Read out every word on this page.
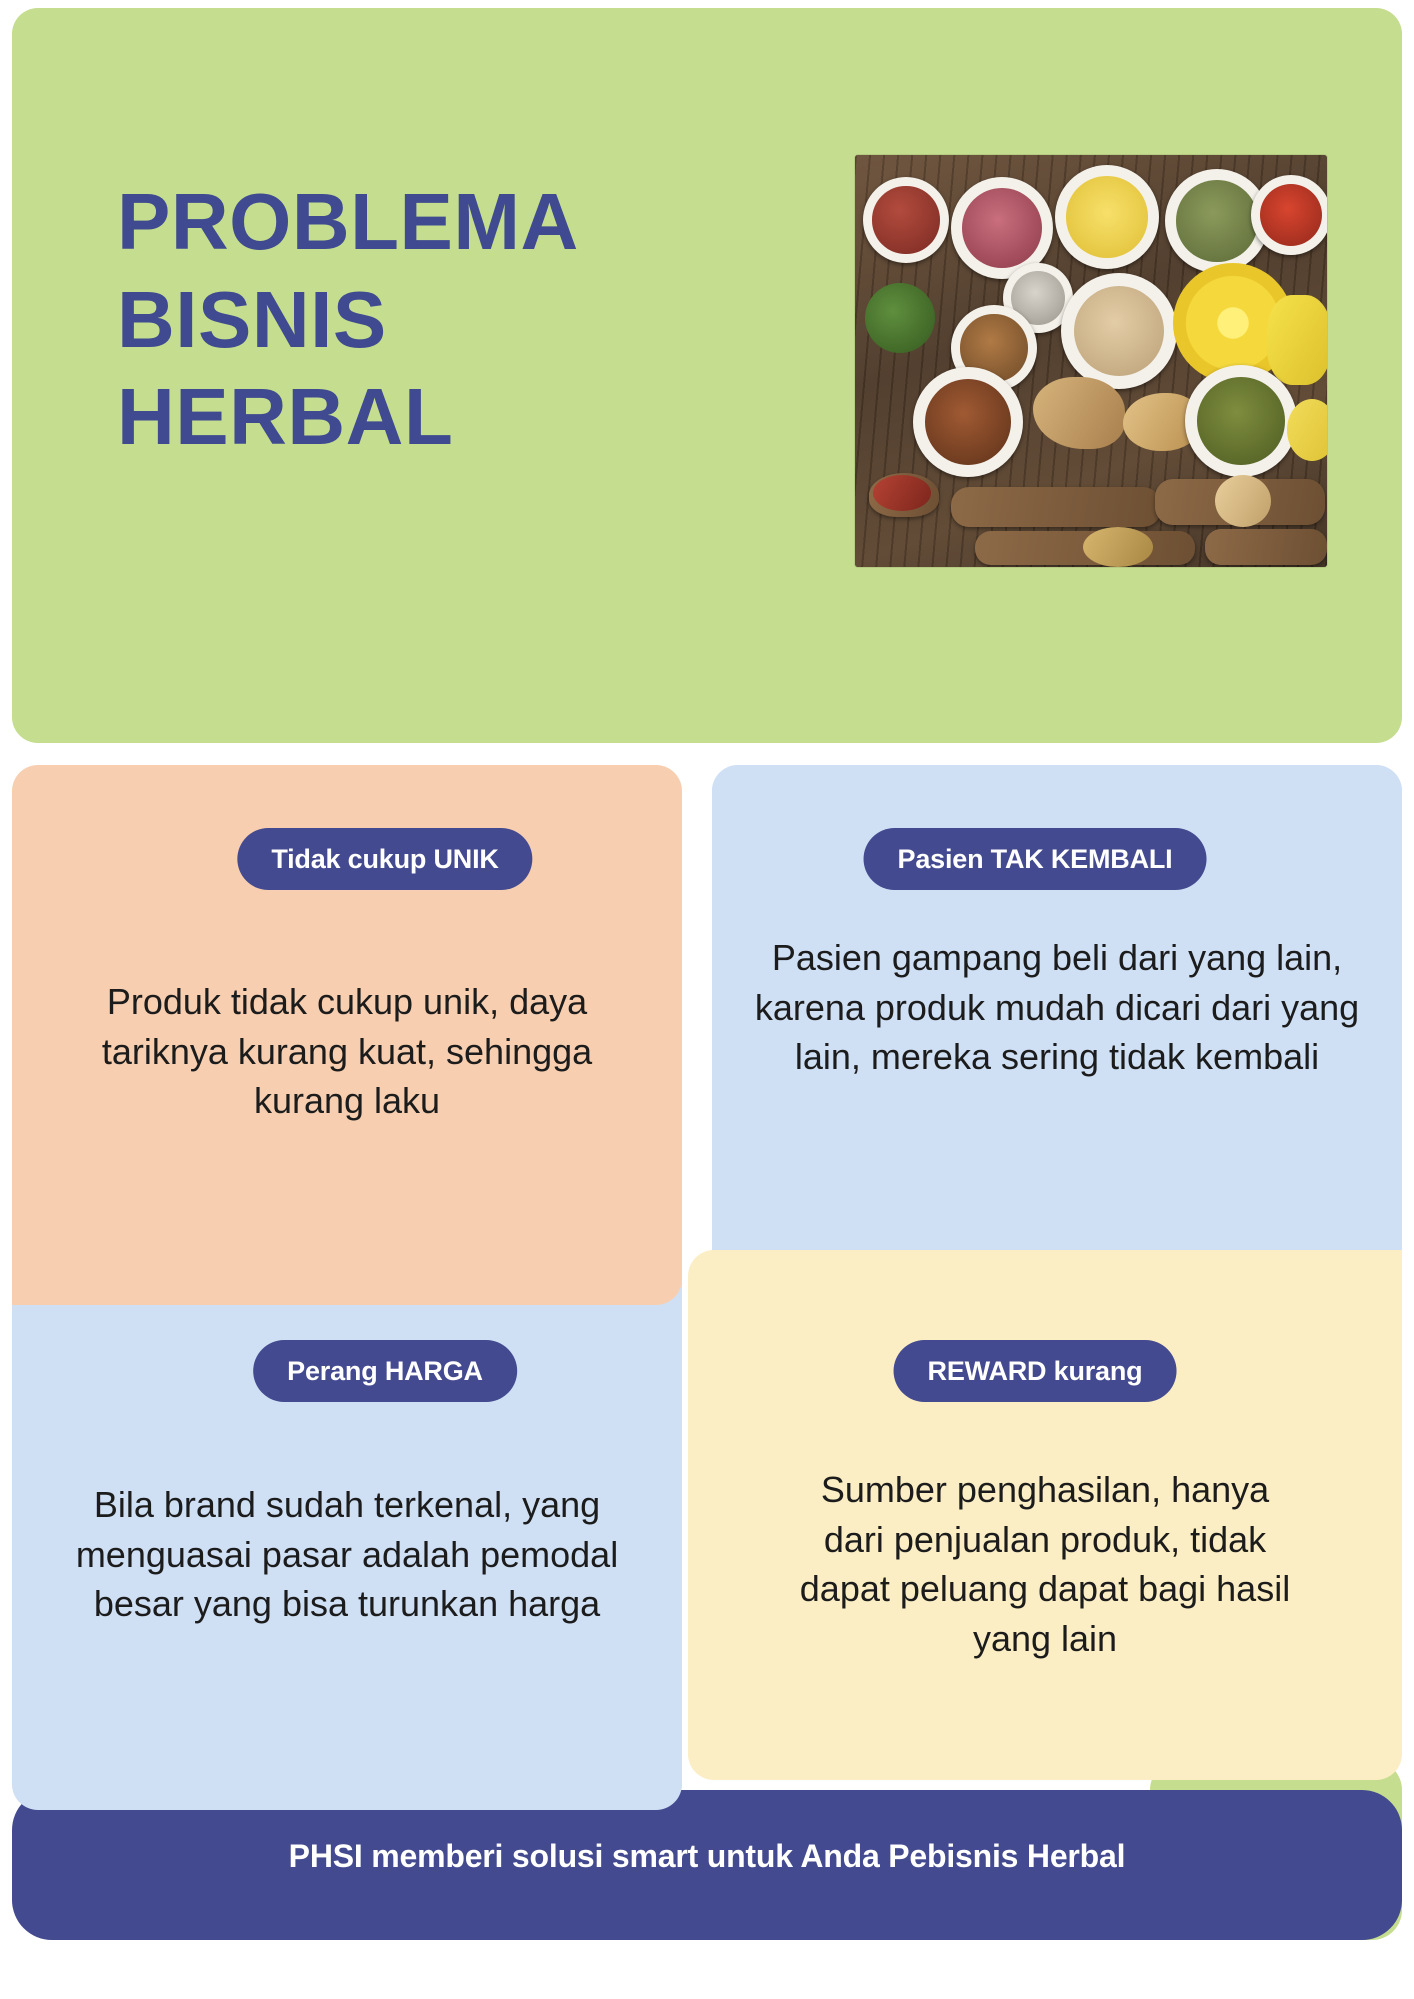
PROBLEMA
BISNIS
HERBAL
Produk tidak cukup unik, daya tariknya kurang kuat, sehingga kurang laku
Pasien gampang beli dari yang lain, karena produk mudah dicari dari yang lain, mereka sering tidak kembali
Bila brand sudah terkenal, yang menguasai pasar adalah pemodal besar yang bisa turunkan harga
Sumber penghasilan, hanya dari penjualan produk, tidak dapat peluang dapat bagi hasil yang lain
Tidak cukup UNIK	Pasien TAK KEMBALI
Perang HARGA	REWARD kurang
PHSI memberi solusi smart untuk Anda Pebisnis Herbal
